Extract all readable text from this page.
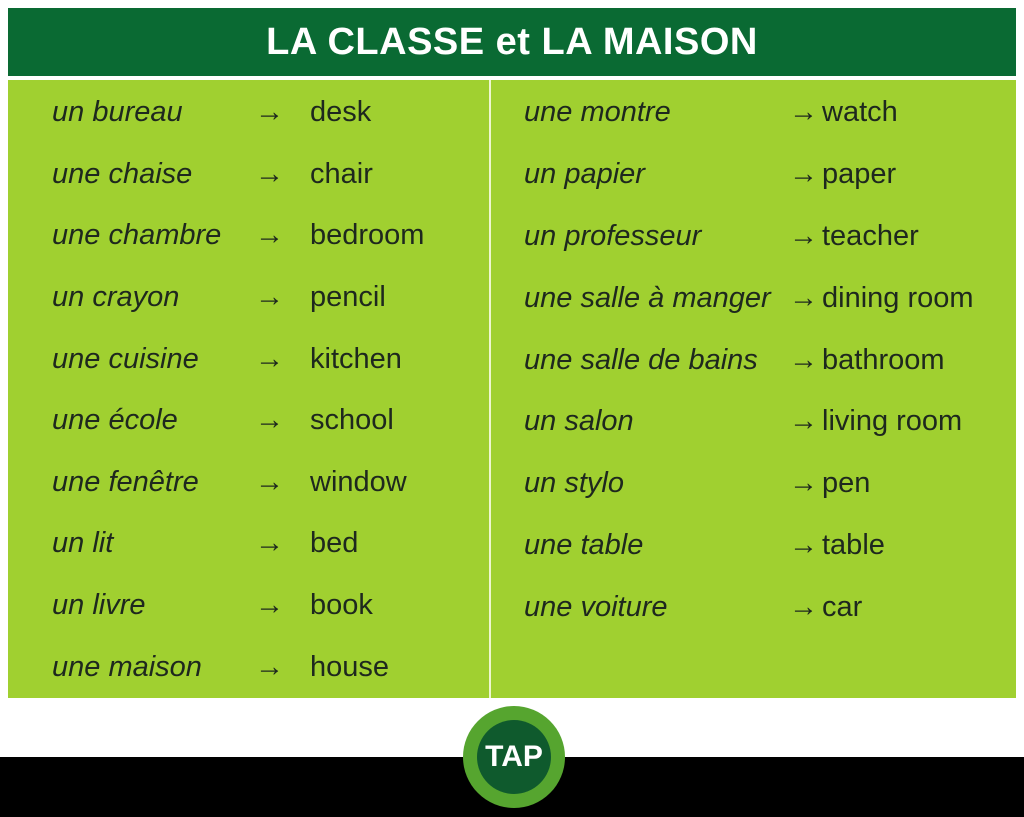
LA CLASSE et LA MAISON
un bureau	→ desk
une chaise	→ chair
une chambre	→ bedroom
un crayon	→ pencil
une cuisine	→ kitchen
une école	→ school
une fenêtre	→ window
un lit	→ bed
un livre	→ book
une maison	→ house
une montre	→ watch
un papier	→ paper
un professeur	→ teacher
une salle à manger → dining room
une salle de bains	→ bathroom
un salon	→ living room
un stylo	→ pen
une table	→ table
une voiture	→ car
TAP
